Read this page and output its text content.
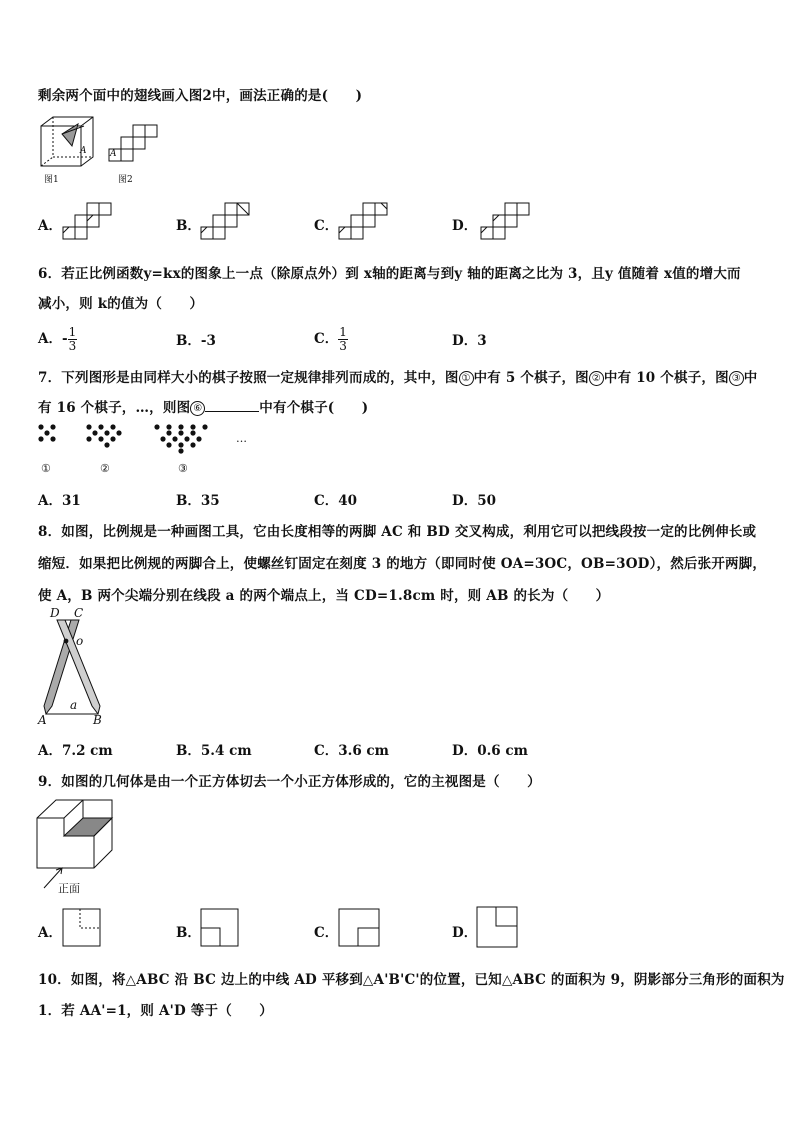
剩余两个面中的翅线画入图2中，画法正确的是(　　)
图1
A	A
图2
A．	B．	C．	D．
6．若正比例函数y=kx的图象上一点（除原点外）到 x轴的距离与到y 轴的距离之比为 3，且y 值随着 x值的增大而
减小，则 k的值为（　　）
A．- $\frac{1}{3}$	B．-3	C． $\frac{1}{3}$	D．3
7．下列图形是由同样大小的棋子按照一定规律排列而成的，其中，图 ① 中有 5 个棋子，图 ② 中有 10 个棋子，图 ③ 中
有 16 个棋子，…，则图 ⑥	中有个棋子(　　)
…
①	②	③
A．31	B．35	C．40	D．50
8．如图，比例规是一种画图工具，它由长度相等的两脚 AC 和 BD 交叉构成，利用它可以把线段按一定的比例伸长或
缩短．如果把比例规的两脚合上，使螺丝钉固定在刻度 3 的地方（即同时使 OA=3OC，OB=3OD），然后张开两脚，
使 A，B 两个尖端分别在线段 a 的两个端点上，当 CD=1.8cm 时，则 AB 的长为（　　）
D C
o
a
A	B
A．7.2 cm	B．5.4 cm	C．3.6 cm	D．0.6 cm
9．如图的几何体是由一个正方体切去一个小正方体形成的，它的主视图是（　　）
正面
A．	B．	C．	D．
10．如图，将△ABC 沿 BC 边上的中线 AD 平移到△A'B'C'的位置，已知△ABC 的面积为 9，阴影部分三角形的面积为
1．若 AA'=1，则 A'D 等于（　　）
